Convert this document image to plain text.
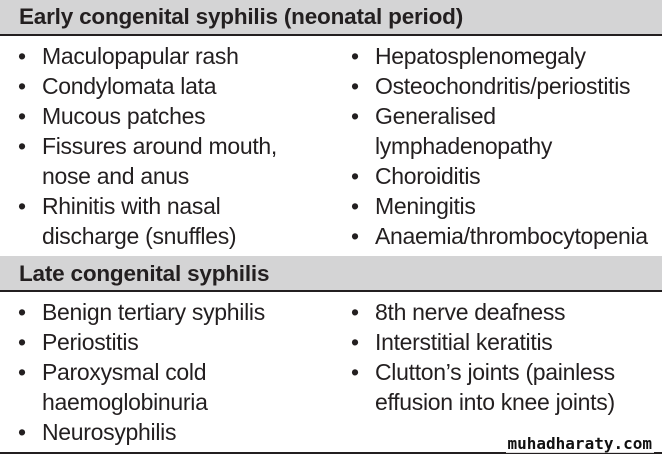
Early congenital syphilis (neonatal period)
• Maculopapular rash
• Condylomata lata
• Mucous patches
• Fissures around mouth,
nose and anus
• Rhinitis with nasal
discharge (snuffles)
• Hepatosplenomegaly
• Osteochondritis/periostitis
• Generalised
lymphadenopathy
• Choroiditis
• Meningitis
• Anaemia/thrombocytopenia
Late congenital syphilis
• Benign tertiary syphilis
• Periostitis
• Paroxysmal cold
haemoglobinuria
• Neurosyphilis
• 8th nerve deafness
• Interstitial keratitis
• Clutton’s joints (painless
effusion into knee joints)
muhadharaty.com
